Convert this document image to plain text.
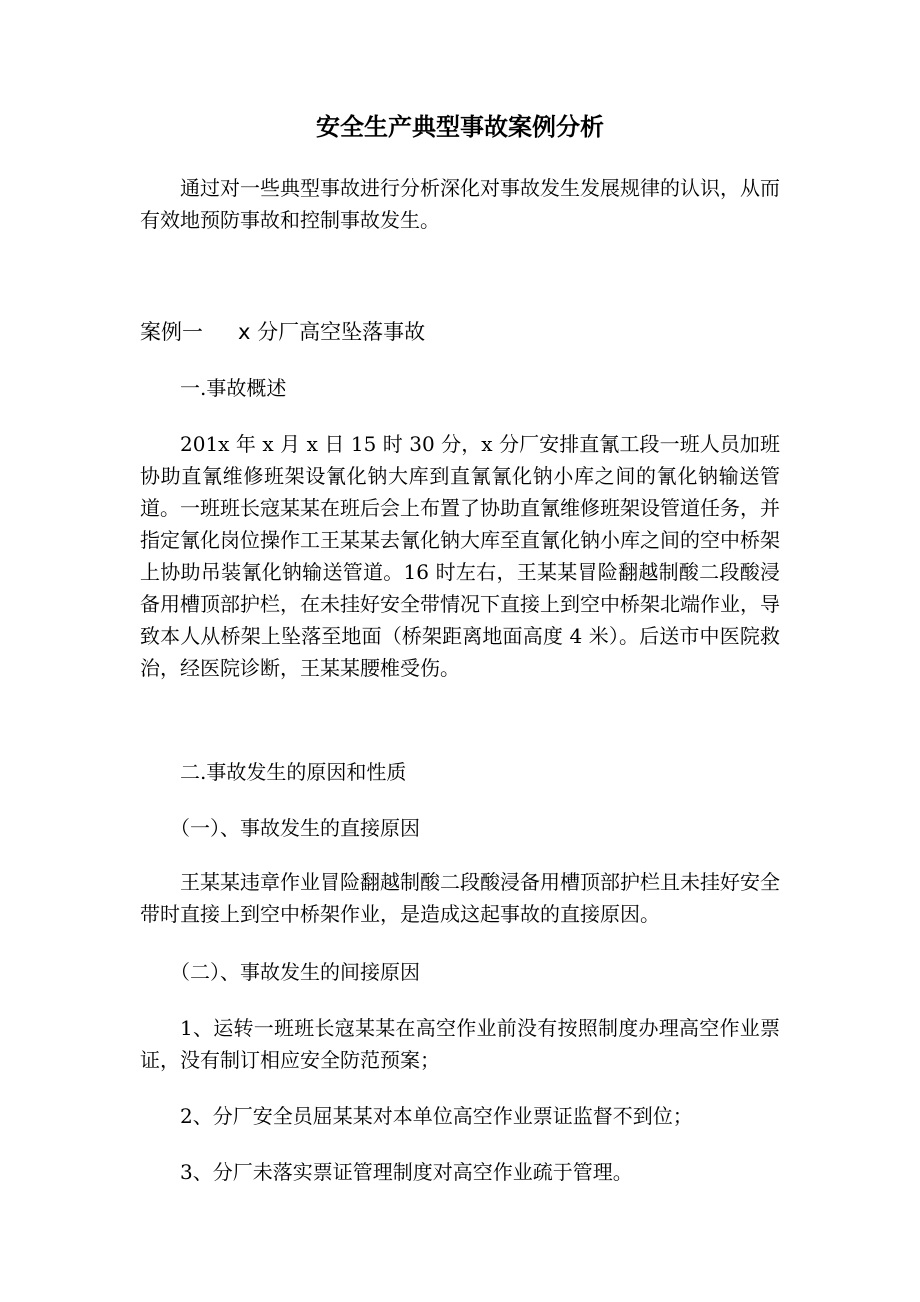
安全生产典型事故案例分析

通过对一些典型事故进行分析深化对事故发生发展规律的认识，从而有效地预防事故和控制事故发生。

案例一 x 分厂高空坠落事故

一.事故概述

201x 年 x 月 x 日 15 时 30 分，x 分厂安排直氰工段一班人员加班协助直氰维修班架设氰化钠大库到直氰氰化钠小库之间的氰化钠输送管道。一班班长寇某某在班后会上布置了协助直氰维修班架设管道任务，并指定氰化岗位操作工王某某去氰化钠大库至直氰化钠小库之间的空中桥架上协助吊装氰化钠输送管道。16 时左右，王某某冒险翻越制酸二段酸浸备用槽顶部护栏，在未挂好安全带情况下直接上到空中桥架北端作业，导致本人从桥架上坠落至地面（桥架距离地面高度 4 米）。后送市中医院救治，经医院诊断，王某某腰椎受伤。

二.事故发生的原因和性质

（一）、事故发生的直接原因

王某某违章作业冒险翻越制酸二段酸浸备用槽顶部护栏且未挂好安全带时直接上到空中桥架作业，是造成这起事故的直接原因。

（二）、事故发生的间接原因

1、运转一班班长寇某某在高空作业前没有按照制度办理高空作业票证，没有制订相应安全防范预案；

2、分厂安全员屈某某对本单位高空作业票证监督不到位；

3、分厂未落实票证管理制度对高空作业疏于管理。
